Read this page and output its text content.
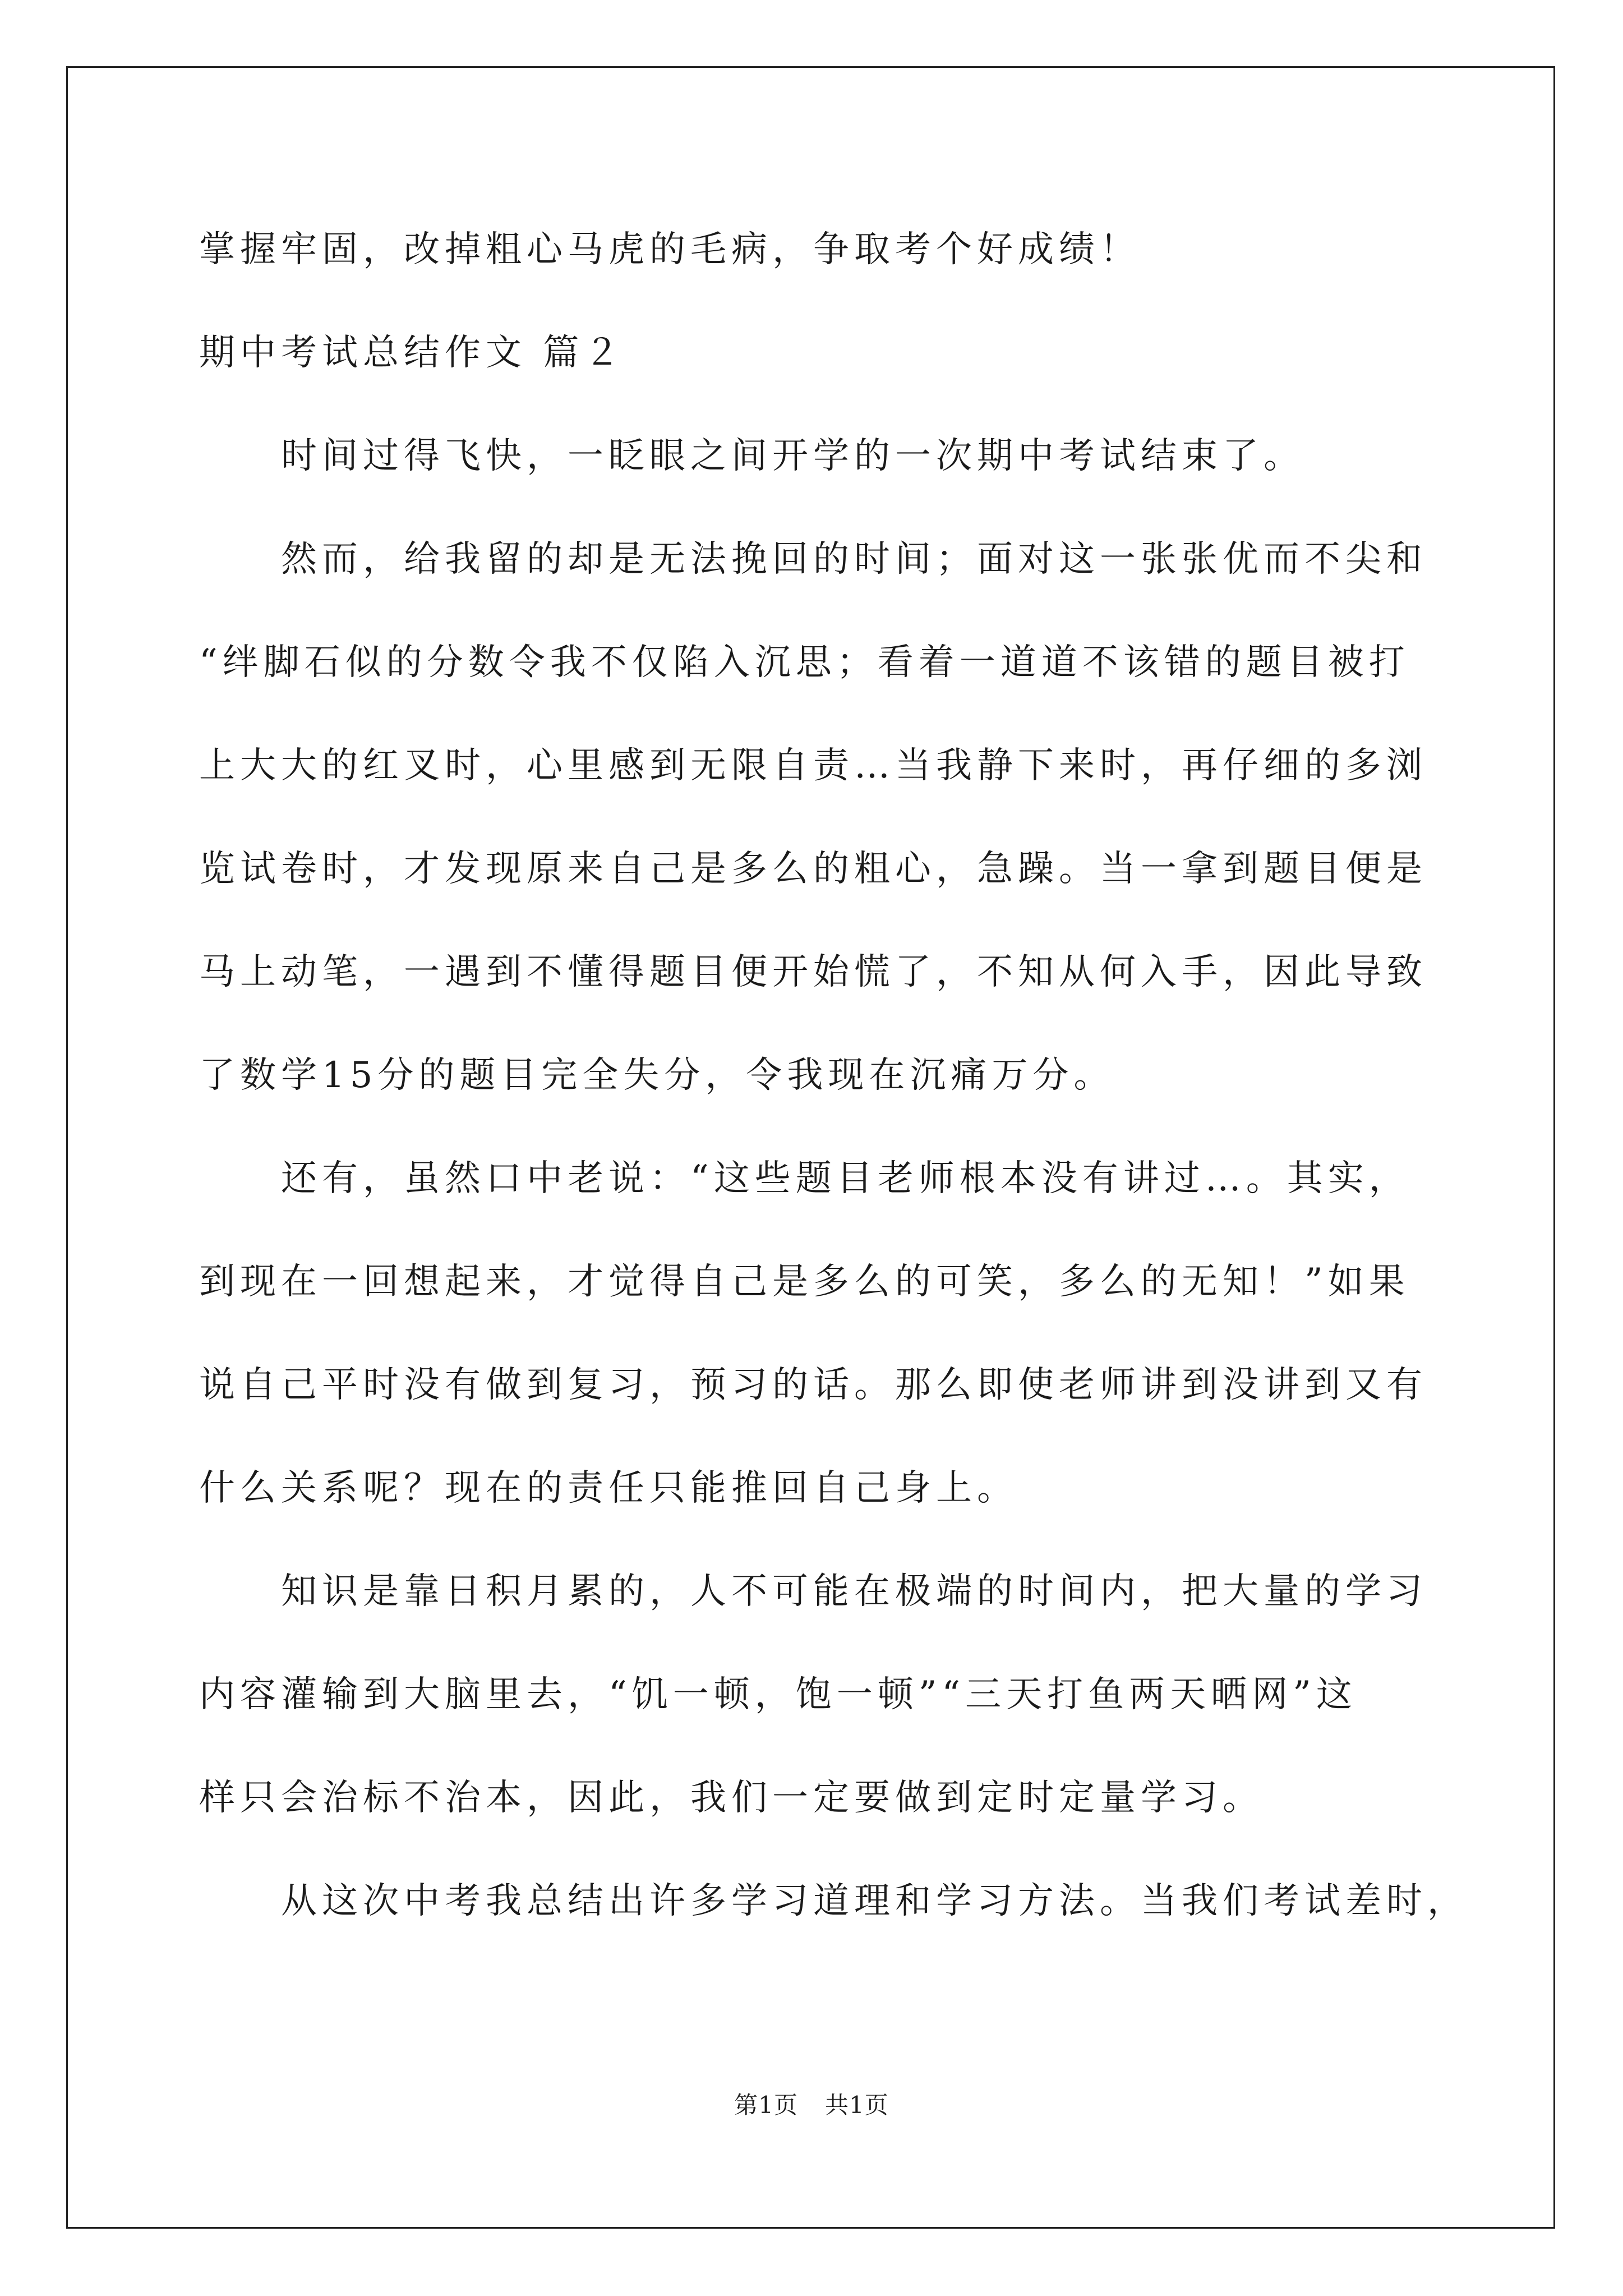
掌握牢固，改掉粗心马虎的毛病，争取考个好成绩！
期中考试总结作文 篇２
时间过得飞快，一眨眼之间开学的一次期中考试结束了。
然而，给我留的却是无法挽回的时间；面对这一张张优而不尖和
“绊脚石似的分数令我不仅陷入沉思；看着一道道不该错的题目被打
上大大的红叉时，心里感到无限自责…当我静下来时，再仔细的多浏
览试卷时，才发现原来自己是多么的粗心，急躁。当一拿到题目便是
马上动笔，一遇到不懂得题目便开始慌了，不知从何入手，因此导致
了数学15分的题目完全失分，令我现在沉痛万分。
还有，虽然口中老说：“这些题目老师根本没有讲过…。其实，
到现在一回想起来，才觉得自己是多么的可笑，多么的无知！”如果
说自己平时没有做到复习，预习的话。那么即使老师讲到没讲到又有
什么关系呢？现在的责任只能推回自己身上。
知识是靠日积月累的，人不可能在极端的时间内，把大量的学习
内容灌输到大脑里去，“饥一顿，饱一顿”“三天打鱼两天晒网”这
样只会治标不治本，因此，我们一定要做到定时定量学习。
从这次中考我总结出许多学习道理和学习方法。当我们考试差时，
第1页 共1页
